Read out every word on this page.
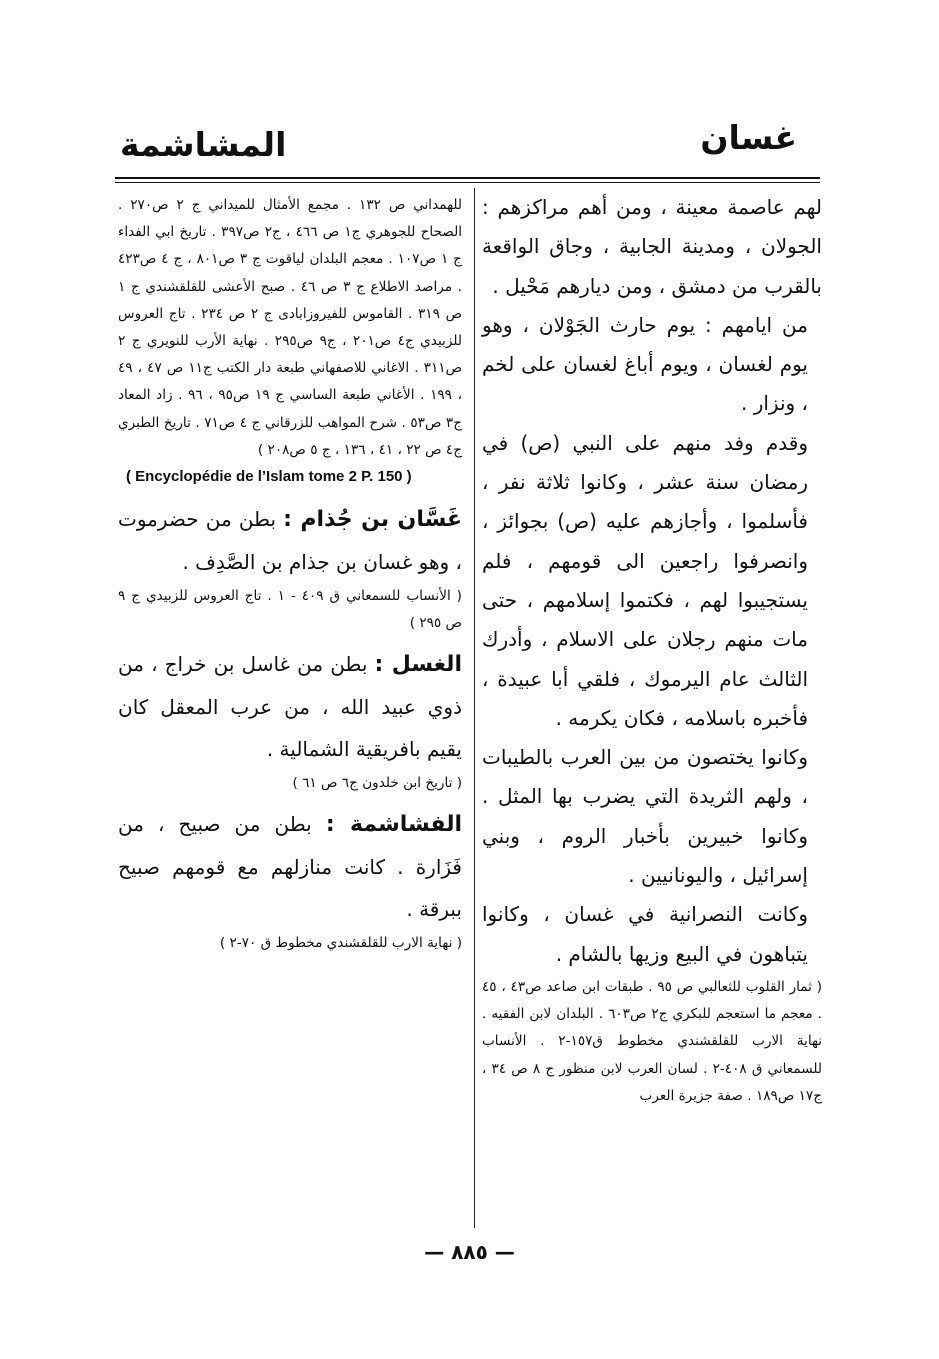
غسان
المشاشمة

لهم عاصمة معينة ، ومن أهم مراكزهم : الجولان ، ومدينة الجابية ، وجاق الواقعة بالقرب من دمشق ، ومن ديارهم مَحْيل .

من ايامهم : يوم حارث الجَوْلان ، وهو يوم لغسان ، ويوم أباغ لغسان على لخم ، ونزار .

وقدم وفد منهم على النبي (ص) في رمضان سنة عشر ، وكانوا ثلاثة نفر ، فأسلموا ، وأجازهم عليه (ص) بجوائز ، وانصرفوا راجعين الى قومهم ، فلم يستجيبوا لهم ، فكتموا إسلامهم ، حتى مات منهم رجلان على الاسلام ، وأدرك الثالث عام اليرموك ، فلقي أبا عبيدة ، فأخبره باسلامه ، فكان يكرمه .

وكانوا يختصون من بين العرب بالطيبات ، ولهم الثريدة التي يضرب بها المثل . وكانوا خبيرين بأخبار الروم ، وبني إسرائيل ، واليونانيين .

وكانت النصرانية في غسان ، وكانوا يتباهون في البيع وزيها بالشام .

( ثمار القلوب للثعالبي ص ٩٥ . طبقات ابن صاعد ص٤٣ ، ٤٥ . معجم ما استعجم للبكري ج٢ ص٦٠٣ . البلدان لابن الفقيه . نهاية الارب للقلقشندي مخطوط ق١٥٧-٢ . الأنساب للسمعاني ق ٤٠٨-٢ . لسان العرب لابن منظور ج ٨ ص ٣٤ ، ج١٧ ص١٨٩ . صفة جزيرة العرب

للهمداني ص ١٣٢ . مجمع الأمثال للميداني ج ٢ ص٢٧٠ . الصحاح للجوهري ج١ ص ٤٦٦ ، ج٢ ص٣٩٧ . تاريخ ابي الفداء ج ١ ص١٠٧ . معجم البلدان لياقوت ج ٣ ص٨٠١ ، ج ٤ ص٤٢٣ . مراصد الاطلاع ج ٣ ص ٤٦ . صبح الأعشى للقلقشندي ج ١ ص ٣١٩ . القاموس للفيروزابادى ج ٢ ص ٢٣٤ . تاج العروس للزبيدي ج٤ ص٢٠١ ، ج٩ ص٢٩٥ . نهاية الأرب للنويري ج ٢ ص٣١١ . الاغاني للاصفهاني طبعة دار الكتب ج١١ ص ٤٧ ، ٤٩ ، ١٩٩ . الأغاني طبعة الساسي ج ١٩ ص٩٥ ، ٩٦ . زاد المعاد ج٣ ص٥٣ . شرح المواهب للزرقاني ج ٤ ص٧١ . تاريخ الطبري ج٤ ص ٢٢ ، ٤١ ، ١٣٦ ، ج ٥ ص٢٠٨ )

( Encyclopédie de l’Islam tome 2 P. 150 )

غَسَّان بن جُذام : بطن من حضرموت ، وهو غسان بن جذام بن الصَّدِف .

( الأنساب للسمعاني ق ٤٠٩ - ١ . تاج العروس للزبيدي ج ٩ ص ٢٩٥ )

الغسل : بطن من غاسل بن خراج ، من ذوي عبيد الله ، من عرب المعقل كان يقيم بافريقية الشمالية .

( تاريخ ابن خلدون ج٦ ص ٦١ )

الفشاشمة : بطن من صبيح ، من فَزَارة . كانت منازلهم مع قومهم صبيح ببرقة .

( نهاية الارب للقلقشندي مخطوط ق ٧٠-٢ )

— ٨٨٥ —
